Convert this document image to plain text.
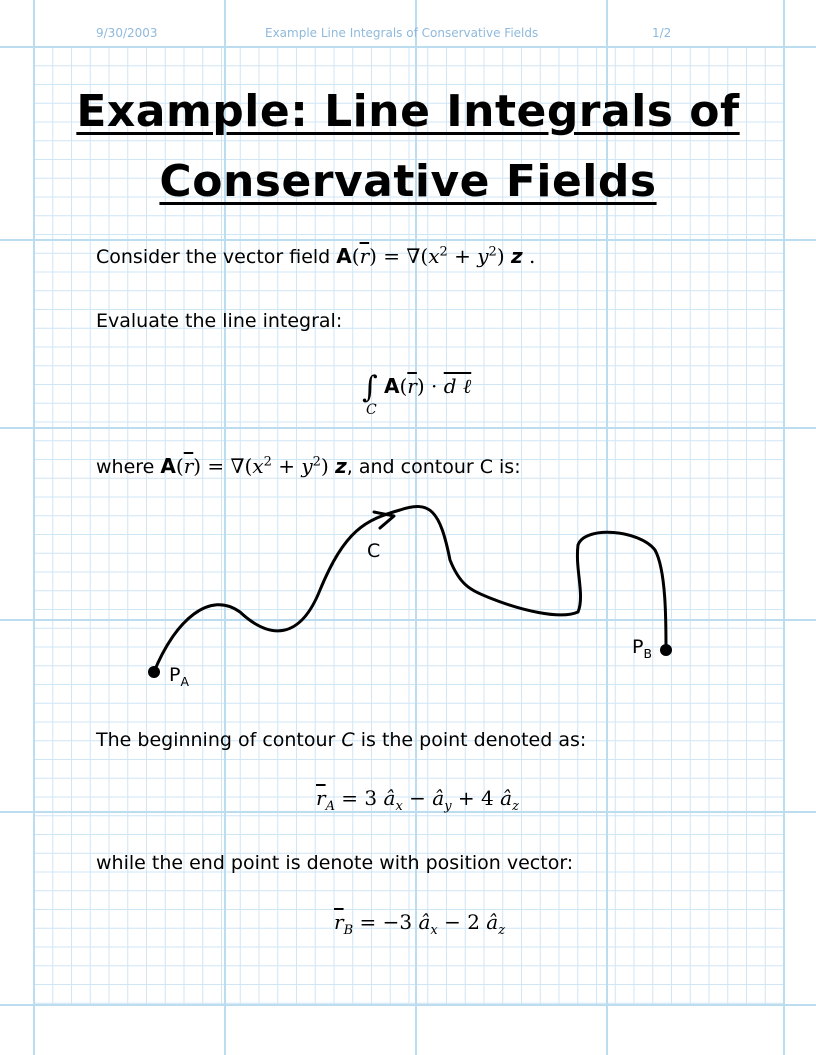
9/30/2003	Example Line Integrals of Conservative Fields	1/2
Example: Line Integrals of
Conservative Fields
Consider the vector field $A(\overline{r}) = \nabla(x^2 + y^2)$ z .
Evaluate the line integral:
∫ $A(\overline{r}) \cdot d$ ℓ
C
where $A(\overline{r}) = \nabla(x^2 + y^2)$ z, and contour C is:
C
$P_A$
$P_B$
The beginning of contour C is the point denoted as:
$\overline{r}_A = 3$ $â_x$ − $â_y + 4$ $â_z$
while the end point is denote with position vector:
$\overline{r}_B = -3$ $â_x - 2$ $â_z$
